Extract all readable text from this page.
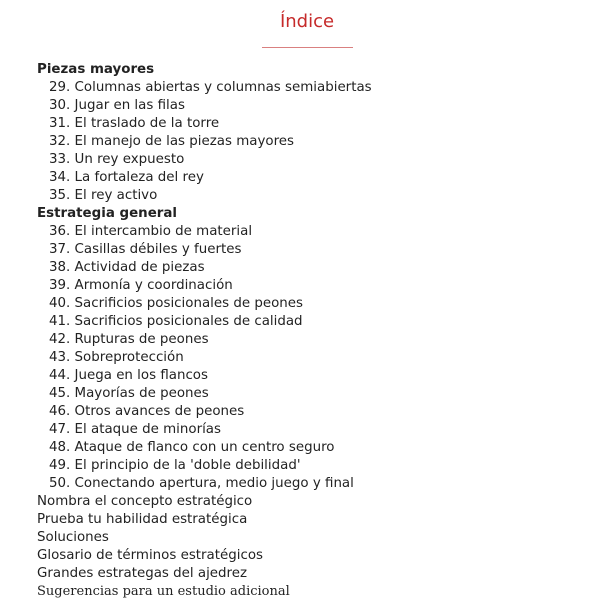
Índice
Piezas mayores
29. Columnas abiertas y columnas semiabiertas
30. Jugar en las filas
31. El traslado de la torre
32. El manejo de las piezas mayores
33. Un rey expuesto
34. La fortaleza del rey
35. El rey activo
Estrategia general
36. El intercambio de material
37. Casillas débiles y fuertes
38. Actividad de piezas
39. Armonía y coordinación
40. Sacrificios posicionales de peones
41. Sacrificios posicionales de calidad
42. Rupturas de peones
43. Sobreprotección
44. Juega en los flancos
45. Mayorías de peones
46. Otros avances de peones
47. El ataque de minorías
48. Ataque de flanco con un centro seguro
49. El principio de la 'doble debilidad'
50. Conectando apertura, medio juego y final
Nombra el concepto estratégico
Prueba tu habilidad estratégica
Soluciones
Glosario de términos estratégicos
Grandes estrategas del ajedrez
Sugerencias para un estudio adicional
